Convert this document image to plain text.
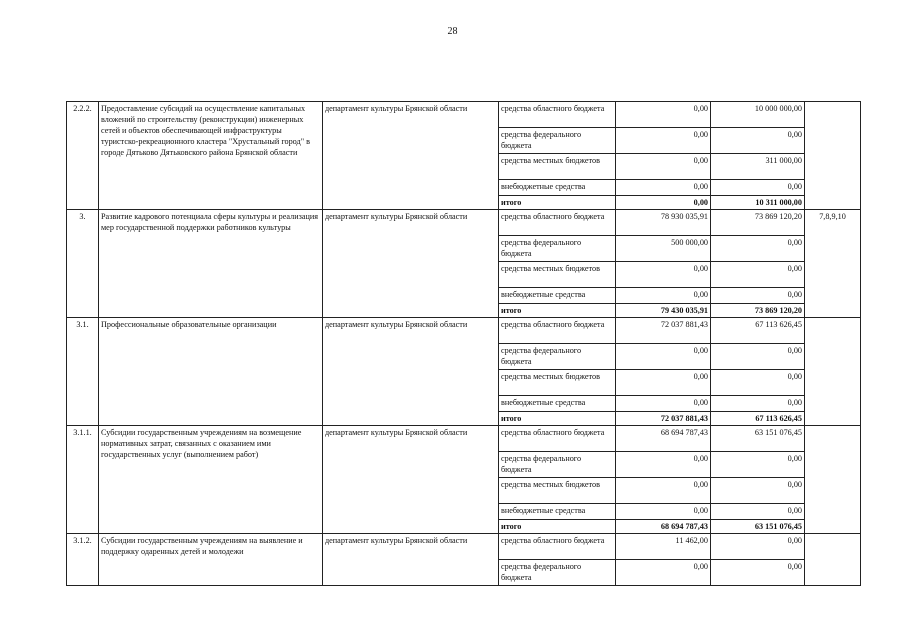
28
2.2.2.	Предоставление субсидий на осуществление капитальных вложений по строительству (реконструкции) инженерных сетей и объектов обеспечивающей инфраструктуры туристско-рекреационного кластера "Хрустальный город" в городе Дятьково Дятьковского района Брянской области	департамент культуры Брянской области	средства областного бюджета	0,00	10 000 000,00	
			средства федерального бюджета	0,00	0,00	
			средства местных бюджетов	0,00	311 000,00	
			внебюджетные средства	0,00	0,00	
			итого	0,00	10 311 000,00	
3.	Развитие кадрового потенциала сферы культуры и реализация мер государственной поддержки работников культуры	департамент культуры Брянской области	средства областного бюджета	78 930 035,91	73 869 120,20	7,8,9,10
			средства федерального бюджета	500 000,00	0,00	
			средства местных бюджетов	0,00	0,00	
			внебюджетные средства	0,00	0,00	
			итого	79 430 035,91	73 869 120,20	
3.1.	Профессиональные образовательные организации	департамент культуры Брянской области	средства областного бюджета	72 037 881,43	67 113 626,45	
			средства федерального бюджета	0,00	0,00	
			средства местных бюджетов	0,00	0,00	
			внебюджетные средства	0,00	0,00	
			итого	72 037 881,43	67 113 626,45	
3.1.1.	Субсидии государственным учреждениям на возмещение нормативных затрат, связанных с оказанием ими государственных услуг (выполнением работ)	департамент культуры Брянской области	средства областного бюджета	68 694 787,43	63 151 076,45	
			средства федерального бюджета	0,00	0,00	
			средства местных бюджетов	0,00	0,00	
			внебюджетные средства	0,00	0,00	
			итого	68 694 787,43	63 151 076,45	
3.1.2.	Субсидии государственным учреждениям на выявление и поддержку одаренных детей и молодежи	департамент культуры Брянской области	средства областного бюджета	11 462,00	0,00	
			средства федерального бюджета	0,00	0,00	
